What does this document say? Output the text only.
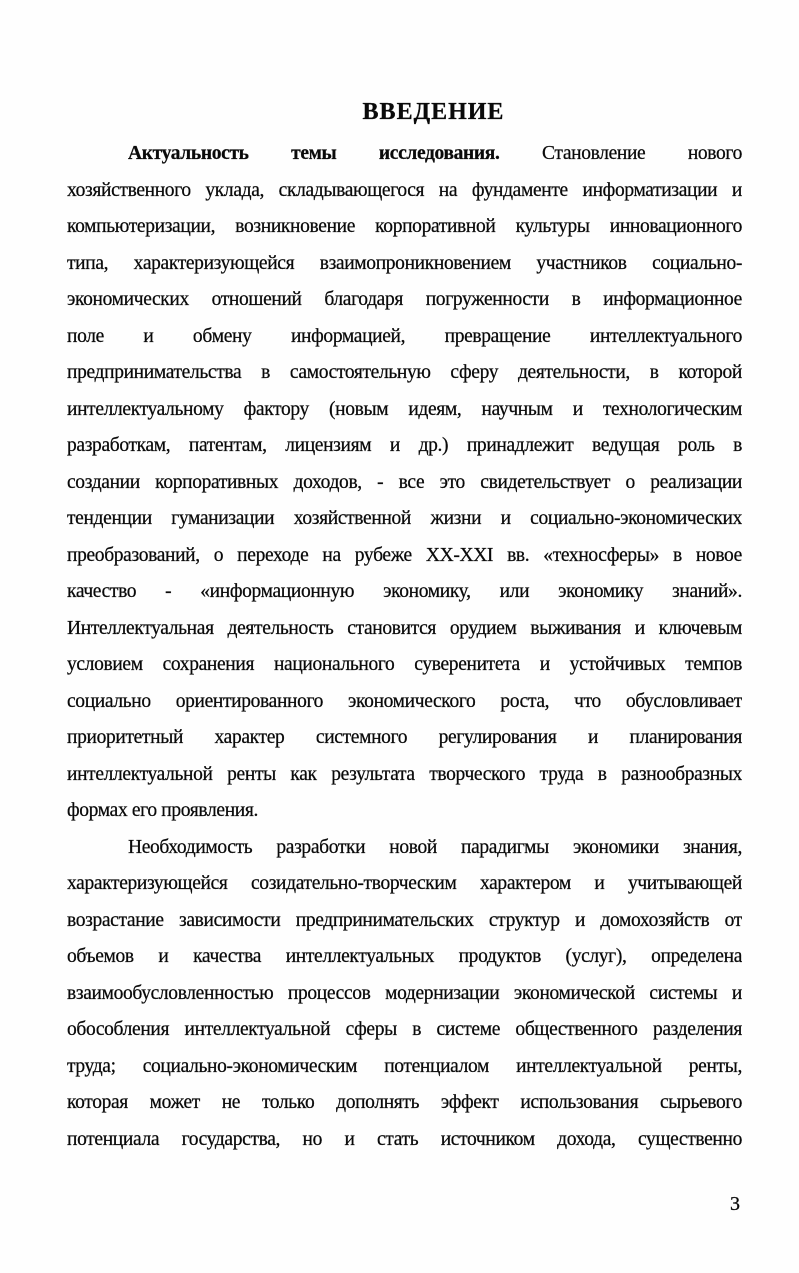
ВВЕДЕНИЕ
Актуальность темы исследования. Становление нового
хозяйственного уклада, складывающегося на фундаменте информатизации и
компьютеризации, возникновение корпоративной культуры инновационного
типа, характеризующейся взаимопроникновением участников социально-
экономических отношений благодаря погруженности в информационное
поле и обмену информацией, превращение интеллектуального
предпринимательства в самостоятельную сферу деятельности, в которой
интеллектуальному фактору (новым идеям, научным и технологическим
разработкам, патентам, лицензиям и др.) принадлежит ведущая роль в
создании корпоративных доходов, - все это свидетельствует о реализации
тенденции гуманизации хозяйственной жизни и социально-экономических
преобразований, о переходе на рубеже XX-XXI вв. «техносферы» в новое
качество - «информационную экономику, или экономику знаний».
Интеллектуальная деятельность становится орудием выживания и ключевым
условием сохранения национального суверенитета и устойчивых темпов
социально ориентированного экономического роста, что обусловливает
приоритетный характер системного регулирования и планирования
интеллектуальной ренты как результата творческого труда в разнообразных
формах его проявления.
Необходимость разработки новой парадигмы экономики знания,
характеризующейся созидательно-творческим характером и учитывающей
возрастание зависимости предпринимательских структур и домохозяйств от
объемов и качества интеллектуальных продуктов (услуг), определена
взаимообусловленностью процессов модернизации экономической системы и
обособления интеллектуальной сферы в системе общественного разделения
труда; социально-экономическим потенциалом интеллектуальной ренты,
которая может не только дополнять эффект использования сырьевого
потенциала государства, но и стать источником дохода, существенно
3
